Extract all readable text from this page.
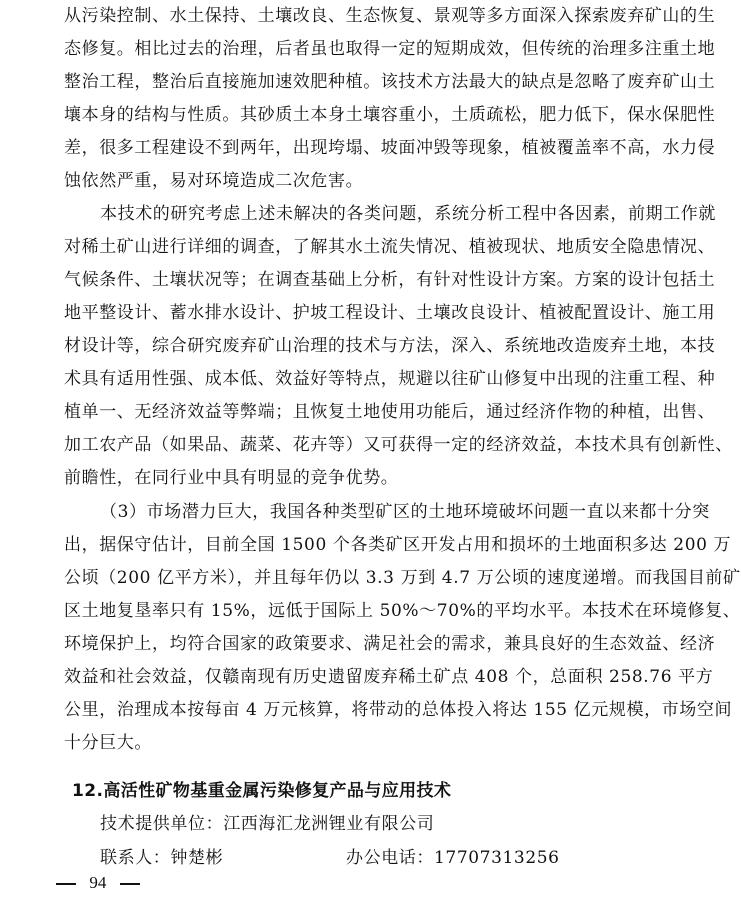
从污染控制、水土保持、土壤改良、生态恢复、景观等多方面深入探索废弃矿山的生
态修复。相比过去的治理，后者虽也取得一定的短期成效，但传统的治理多注重土地
整治工程，整治后直接施加速效肥种植。该技术方法最大的缺点是忽略了废弃矿山土
壤本身的结构与性质。其砂质土本身土壤容重小，土质疏松，肥力低下，保水保肥性
差，很多工程建设不到两年，出现垮塌、坡面冲毁等现象，植被覆盖率不高，水力侵
蚀依然严重，易对环境造成二次危害。
本技术的研究考虑上述未解决的各类问题，系统分析工程中各因素，前期工作就
对稀土矿山进行详细的调查，了解其水土流失情况、植被现状、地质安全隐患情况、
气候条件、土壤状况等；在调查基础上分析，有针对性设计方案。方案的设计包括土
地平整设计、蓄水排水设计、护坡工程设计、土壤改良设计、植被配置设计、施工用
材设计等，综合研究废弃矿山治理的技术与方法，深入、系统地改造废弃土地，本技
术具有适用性强、成本低、效益好等特点，规避以往矿山修复中出现的注重工程、种
植单一、无经济效益等弊端；且恢复土地使用功能后，通过经济作物的种植，出售、
加工农产品（如果品、蔬菜、花卉等）又可获得一定的经济效益，本技术具有创新性、
前瞻性，在同行业中具有明显的竞争优势。
（3）市场潜力巨大，我国各种类型矿区的土地环境破坏问题一直以来都十分突
出，据保守估计，目前全国 1500 个各类矿区开发占用和损坏的土地面积多达 200 万
公顷（200 亿平方米），并且每年仍以 3.3 万到 4.7 万公顷的速度递增。而我国目前矿
区土地复垦率只有 15%，远低于国际上 50%～70%的平均水平。本技术在环境修复、
环境保护上，均符合国家的政策要求、满足社会的需求，兼具良好的生态效益、经济
效益和社会效益，仅赣南现有历史遗留废弃稀土矿点 408 个，总面积 258.76 平方
公里，治理成本按每亩 4 万元核算，将带动的总体投入将达 155 亿元规模，市场空间
十分巨大。
12.高活性矿物基重金属污染修复产品与应用技术
技术提供单位：江西海汇龙洲锂业有限公司
联系人：钟楚彬	办公电话：17707313256
94
